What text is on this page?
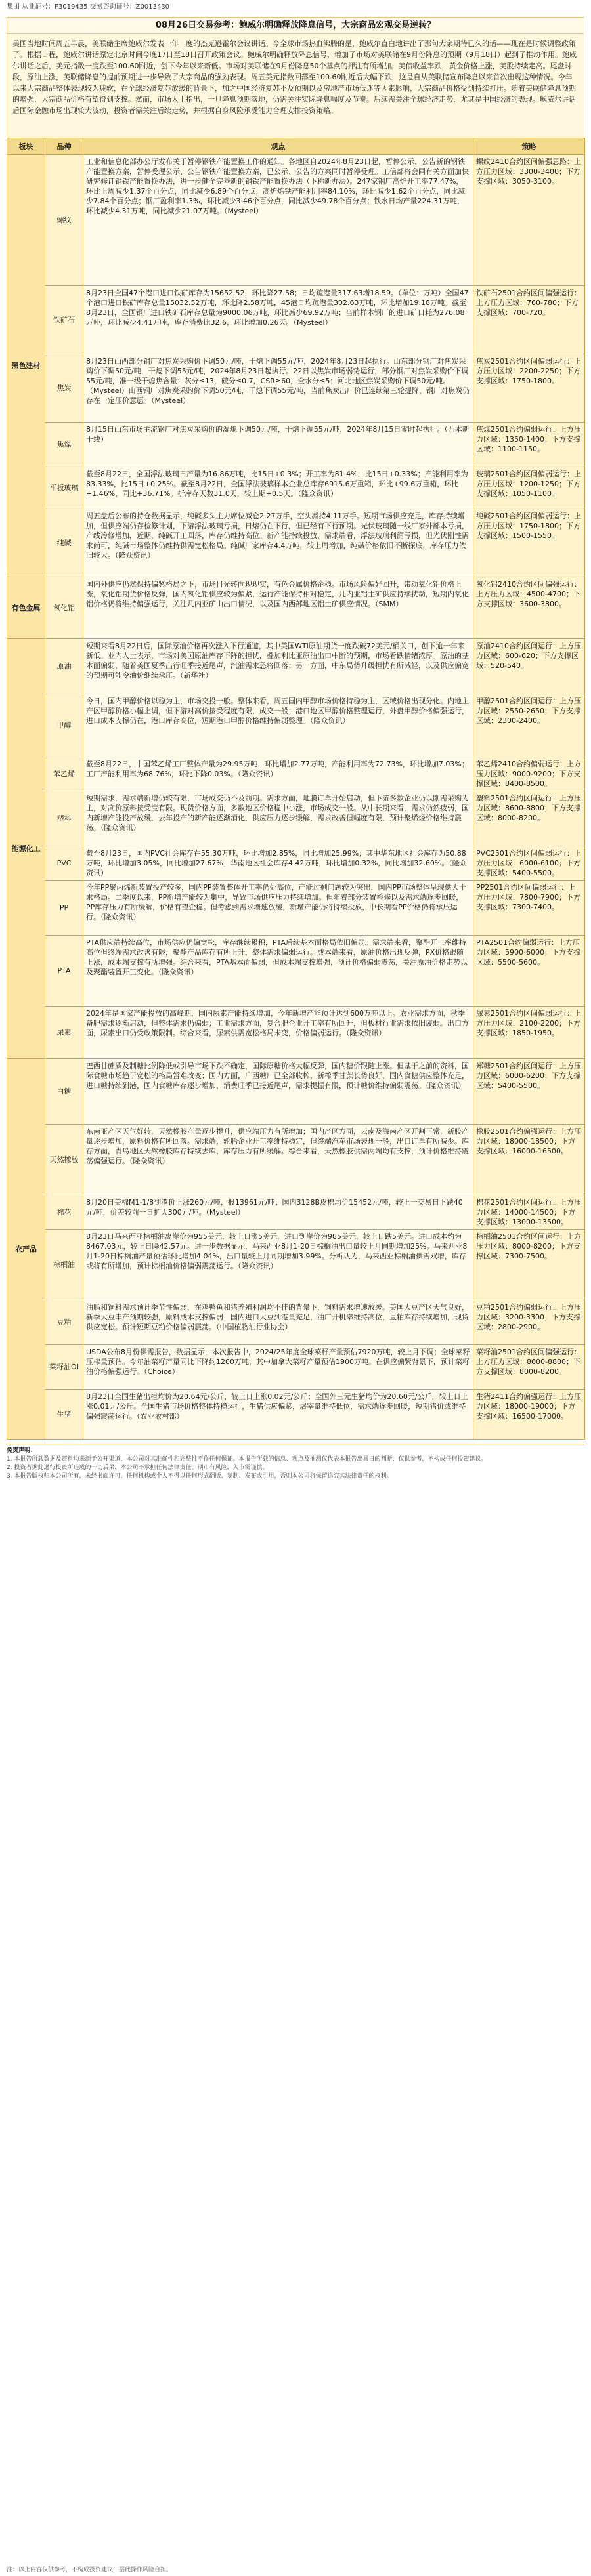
集团 从业证号：F3019435 交易咨询证号：Z0013430
08月26日交易参考：鲍威尔明确释放降息信号，大宗商品宏观交易逆转？
美国当地时间周五早晨，美联储主席鲍威尔发表一年一度的杰克逊霍尔会议讲话。今全球市场热血沸腾的是，鲍威尔直白地讲出了那句大家期待已久的话——现在是时候调整政策了。根据日程，鲍威尔讲话原定北京时间今晚17日至18日召开政策会议。鲍威尔明确释放降息信号，增加了市场对美联储在9月份降息的预期（9月18日）起到了推动作用。鲍威尔讲话之后，美元指数一度跌至100.60附近，创下今年以来新低。市场对美联储在9月份降息50个基点的押注有所增加。美债收益率跌，黄金价格上涨，美股持续走高。尾盘时段，原油上涨，美联储降息的提前预期进一步导致了大宗商品的强劲表现。周五美元指数回落至100.60附近后大幅下跌，这是自从美联储宣布降息以来首次出现这种情况。今年以来大宗商品整体表现较为疲软，在全球经济复苏放缓的背景下，加之中国经济复苏不及预期以及房地产市场低迷等因素影响，大宗商品价格受到持续打压。随着美联储降息预期的增强，大宗商品价格有望得到支撑。然而，市场人士指出，一旦降息预期落地，仍需关注实际降息幅度及节奏。后续需关注全球经济走势，尤其是中国经济的表现。鲍威尔讲话后国际金融市场出现较大波动，投资者需关注后续走势，并根据自身风险承受能力合理安排投资策略。
板块	品种	观点	策略
黑色建材	螺纹	工业和信息化部办公厅发布关于暂停钢铁产能置换工作的通知。各地区自2024年8月23日起，暂停公示、公告新的钢铁产能置换方案，暂停受理公示、公告钢铁产能置换方案，已公示、公告的方案同时暂停受理。工信部将会同有关方面加快研究修订钢铁产能置换办法，进一步健全完善新的钢铁产能置换办法（下称新办法）。247家钢厂高炉开工率77.47%，环比上周减少1.37个百分点，同比减少6.89个百分点；高炉炼铁产能利用率84.10%，环比减少1.62个百分点，同比减少7.84个百分点；钢厂盈利率1.3%，环比减少3.46个百分点，同比减少49.78个百分点；铁水日均产量224.31万吨，环比减少4.31万吨，同比减少21.07万吨。（Mysteel）	螺纹2410合约区间偏强思路：上方压力区域：3300-3400；下方支撑区域：3050-3100。
	铁矿石	8月23日全国47个港口进口铁矿库存为15652.52，环比降27.58；日均疏港量317.63增18.59。（单位：万吨）全国47个港口进口铁矿库存总量15032.52万吨，环比降2.58万吨，45港日均疏港量302.63万吨，环比增加19.18万吨。截至8月23日，全国钢厂进口铁矿石库存总量为9000.06万吨，环比减少69.92万吨；当前样本钢厂的进口矿日耗为276.08万吨，环比减少4.41万吨，库存消费比32.6，环比增加0.26天。（Mysteel）	铁矿石2501合约区间偏强运行：上方压力区域：760-780；下方支撑区域：700-720。
	焦炭	8月23日山西部分钢厂对焦炭采购价下调50元/吨，干熄下调55元/吨，2024年8月23日起执行。山东部分钢厂对焦炭采购价下调50元/吨，干熄下调55元/吨，2024年8月23日起执行。22日以焦炭市场弱势运行，部分钢厂对焦炭采购价下调55元/吨，准一级干熄焦含量：灰分≤13，硫分≤0.7，CSR≥60，全水分≤5；河北地区焦炭采购价下调50元/吨。（Mysteel）山西钢厂对焦炭采购价下调50元/吨，干熄下调55元/吨，当前焦炭出厂价已连续第三轮提降，钢厂对焦炭仍存在一定压价意愿。（Mysteel）	焦炭2501合约区间偏弱运行：上方压力区域：2200-2250；下方支撑区域：1750-1800。
	焦煤	8月15日山东市场主流钢厂对焦炭采购价的湿熄下调50元/吨，干熄下调55元/吨，2024年8月15日零时起执行。（西本新干线）	焦煤2501合约偏弱运行：上方压力区域：1350-1400；下方支撑区域：1100-1150。
	平板玻璃	截至8月22日，全国浮法玻璃日产量为16.86万吨，比15日+0.3%；开工率为81.4%，比15日+0.33%；产能利用率为83.33%，比15日+0.25%。截至8月22日，全国浮法玻璃样本企业总库存6915.6万重箱，环比+99.6万重箱，环比+1.46%，同比+36.71%。折库存天数31.0天，较上期+0.5天。（隆众资讯）	玻璃2501合约区间偏弱运行：上方压力区域：1200-1250；下方支撑区域：1050-1100。
	纯碱	周五盘后公布的持仓数据显示，纯碱多头主力席位减仓2.27万手，空头减持4.11万手。短期市场供应充足，库存持续增加，但供应端仍存检修计划，下游浮法玻璃亏损，日熔仍在下行，但已经有下行预期。光伏玻璃随一线厂家外部本亏损，产线冷修增加，近期，纯碱开工回落，库存仍维持高位。新产能持续投放，需求端看，浮法玻璃利润亏损，但光伏刚性需求尚可，纯碱市场整体仍维持供需宽松格局。纯碱厂家库存4.4万吨，较上周增加，纯碱价格依旧不断探底，库存压力依旧较大。（隆众资讯）	纯碱2501合约区间偏弱运行：上方压力区域：1750-1800；下方支撑区域：1500-1550。
有色金属	氧化铝	国内外供应仍然保持偏紧格局之下，市场目光转向现现实，有色金属价格企稳。市场风险偏好回升，带动氧化铝价格上涨，氧化铝期货价格反弹，国内氧化铝供应较为偏紧，运行产能保持相对稳定，几内亚铝土矿供应持续扰动，短期内氧化铝价格仍将维持偏强运行，关注几内亚矿山出口情况，以及国内西部地区铝土矿供应情况。（SMM）	氧化铝2410合约区间偏强运行：上方压力区域：4500-4700；下方支撑区域：3600-3800。
能源化工	原油	短期来看8月22日后，国际原油价格再次涨入下行通道，其中美国WTI原油期货一度跌破72美元/桶关口，创下逾一年来新低。业内人士表示，市场对美国原油库存下降的担忧，叠加利比亚原油出口中断的预期，市场看跌情绪浓厚。原油的基本面偏弱，随着美国夏季出行旺季接近尾声，汽油需求恐将回落；另一方面，中东局势升级担忧有所减轻，以及供应偏宽的预期可能令油价继续承压。（新华社）	原油2410合约区间运行：上方压力区域：600-620；下方支撑区域：520-540。
	甲醇	今日，国内甲醇价格以稳为主，市场交投一般。整体来看，周五国内甲醇市场价格持稳为主，区域价格出现分化。内地主产区甲醇价格小幅上调，但下游对高价接受程度有限，成交一般；港口地区甲醇价格整理运行，外盘甲醇价格偏强运行，进口成本支撑仍在，港口库存高位，短期港口甲醇价格维持偏弱整理。（隆众资讯）	甲醇2501合约区间运行：上方压力区域：2550-2650；下方支撑区域：2300-2400。
	苯乙烯	截至8月22日，中国苯乙烯工厂整体产量为29.95万吨，环比增加2.77万吨，产能利用率为72.73%，环比增加7.03%；工厂产能利用率为68.76%，环比下降0.03%。（隆众资讯）	苯乙烯2410合约偏弱运行：上方压力区域：9000-9200；下方支撑区域：8400-8500。
	塑料	短期需求，需求端新增仍较有限，市场成交仍不及前期。需求方面，地膜订单开始启动，但下游多数企业仍以刚需采购为主，对高价原料接受度有限。现货价格方面，多数地区价格稳中小涨，市场成交一般。从中长期来看，需求仍然疲弱，国内新增产能投产放缓，去年投产的新产能逐渐消化，供应压力逐步缓解，需求改善但幅度有限，预计聚烯烃价格维持震荡。（隆众资讯）	塑料2501合约区间运行：上方压力区域：8600-8800；下方支撑区域：8000-8200。
	PVC	截至8月23日，国内PVC社会库存在55.30万吨，环比增加2.85%，同比增加25.99%；其中华东地区社会库存为50.88万吨，环比增加3.05%，同比增加27.67%；华南地区社会库存4.42万吨，环比增加0.32%，同比增加32.60%。（隆众资讯）	PVC2501合约区间偏弱运行：上方压力区域：6000-6100；下方支撑区域：5400-5500。
	PP	今年PP聚丙烯新装置投产较多，国内PP装置整体开工率仍处高位，产能过剩问题较为突出，国内PP市场整体呈现供大于求格局。二季度以来，PP新增产能较为集中，导致市场供应压力持续增加。但随着部分装置检修以及需求端逐步回暖，PP库存压力有所缓解，价格有望企稳。但考虑到需求增速放缓，新增产能仍将持续投放，中长期看PP价格仍将承压运行。（隆众资讯）	PP2501合约区间偏弱运行：上方压力区域：7800-7900；下方支撑区域：7300-7400。
	PTA	PTA供应端持续高位，市场供应仍偏宽松，库存继续累积，PTA后续基本面格局依旧偏弱。需求端来看，聚酯开工率维持高位但终端需求改善有限，聚酯产品库存有所上升，整体需求偏弱运行。成本端来看，原油价格出现反弹，PX价格跟随上涨，成本端支撑有所增强。综合来看，PTA基本面偏弱，但成本端支撑增强，预计价格偏弱震荡，关注原油价格走势以及聚酯装置开工变化。（隆众资讯）	PTA2501合约偏弱运行：上方压力区域：5900-6000；下方支撑区域：5500-5600。
	尿素	2024年是国家产能投放的高峰期，国内尿素产能持续增加，今年新增产能预计达到600万吨以上。农业需求方面，秋季备肥需求逐渐启动，但整体需求仍偏弱；工业需求方面，复合肥企业开工率有所回升，但板材行业需求依旧疲弱。出口方面，尿素出口仍受政策限制。综合来看，尿素供需宽松格局未变，价格偏弱运行。（隆众资讯）	尿素2501合约区间偏弱运行：上方压力区域：2100-2200；下方支撑区域：1850-1950。
农产品	白糖	巴西甘蔗质及制糖比例降低或引导市场下跌不确定，国际原糖价格大幅反弹，国内糖价跟随上涨。但基于之前的资料，国际食糖市场趋于宽松的格局暂难改变；国内方面，广西糖厂已全部收榨，新榨季甘蔗长势良好，国内食糖供应整体充足，进口糖持续到港，国内食糖库存逐步增加，消费旺季已接近尾声，需求提振有限，预计糖价维持偏弱震荡。（隆众资讯）	郑糖2501合约区间运行：上方压力区域：6000-6200；下方支撑区域：5400-5500。
	天然橡胶	东南亚产区天气好转，天然橡胶产量逐步提升，供应端压力有所增加；国内产区方面，云南及海南产区开割正常，新胶产量逐步增加，原料价格有所回落。需求端，轮胎企业开工率维持稳定，但终端汽车市场表现一般，出口订单有所减少。库存方面，青岛地区天然橡胶库存持续去库，库存压力有所缓解。综合来看，天然橡胶供需两端均有支撑，预计价格维持震荡偏强运行。（隆众资讯）	橡胶2501合约偏强运行：上方压力区域：18000-18500；下方支撑区域：16000-16500。
	棉花	8月20日美棉M1-1/8到港价上涨260元/吨，报13961元/吨；国内3128B皮棉均价15452元/吨，较上一交易日下跌40元/吨，价差较前一日扩大300元/吨。（Mysteel）	棉花2501合约区间运行：上方压力区域：14000-14500；下方支撑区域：13000-13500。
	棕榈油	8月23日马来西亚棕榈油离岸价为955美元，较上日涨5美元，进口到岸价为985美元，较上日跌5美元。进口成本约为8467.03元，较上日降42.57元。进一步数据显示，马来西亚8月1-20日棕榈油出口量较上月同期增加25%。马来西亚8月1-20日棕榈油产量预估环比增加4.04%，出口量较上月同期增加3.99%。分析认为，马来西亚棕榈油供需双增，库存或将有所增加，预计棕榈油价格偏弱震荡运行。（隆众资讯）	棕榈油2501合约区间运行：上方压力区域：8000-8200；下方支撑区域：7300-7500。
	豆粕	油脂和饲料需求预计季节性偏弱，在鸡鸭鱼和猪养殖利润均不佳的背景下，饲料需求增速放缓。美国大豆产区天气良好，新季大豆丰产预期较强，原料成本支撑偏弱；国内进口大豆到港量充足，油厂开机率维持高位，豆粕库存持续增加，现货供应宽松。预计短期豆粕价格偏弱震荡。（中国植物油行业协会）	豆粕2501合约偏弱运行：上方压力区域：3200-3300；下方支撑区域：2800-2900。
	菜籽油OI	USDA公布8月份供需报告，数据显示，本次报告中，2024/25年度全球菜籽产量预估7920万吨，较上月下调；全球菜籽压榨量预估。今年油菜籽产量同比下降约1200万吨，其中加拿大菜籽产量预估1900万吨。在供应偏紧背景下，预计菜籽油价格偏强运行。（Choice）	菜籽油2501合约区间偏强运行：上方压力区域：8600-8800；下方支撑区域：8000-8200。
	生猪	8月23日全国生猪出栏均价为20.64元/公斤，较上日上涨0.02元/公斤；全国外三元生猪均价为20.60元/公斤，较上日上涨0.01元/公斤。全国生猪市场价格整体持稳运行，生猪供应偏紧，屠宰量维持低位，需求端逐步回暖，短期猪价或维持偏强震荡运行。（农业农村部）	生猪2411合约偏强运行：上方压力区域：18000-19000；下方支撑区域：16500-17000。
免责声明：
1. 本报告所载数据及资料均来源于公开渠道，本公司对其准确性和完整性不作任何保证。本报告所载的信息、观点及推测仅代表本报告出具日的判断，仅供参考，不构成任何投资建议。
2. 投资者据此进行投资所造成的一切后果，本公司不承担任何法律责任。期市有风险，入市需谨慎。
3. 本报告版权归本公司所有，未经书面许可，任何机构或个人不得以任何形式翻版、复制、发布或引用，否则本公司将保留追究其法律责任的权利。
注：以上内容仅供参考，不构成投资建议，据此操作风险自担。
